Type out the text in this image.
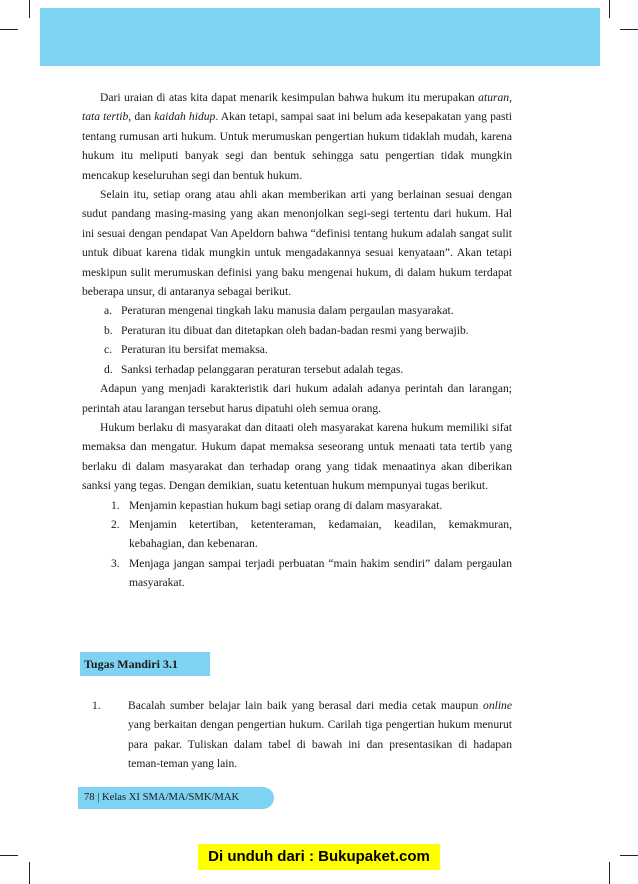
Dari uraian di atas kita dapat menarik kesimpulan bahwa hukum itu merupakan aturan, tata tertib, dan kaidah hidup. Akan tetapi, sampai saat ini belum ada kesepakatan yang pasti tentang rumusan arti hukum. Untuk merumuskan pengertian hukum tidaklah mudah, karena hukum itu meliputi banyak segi dan bentuk sehingga satu pengertian tidak mungkin mencakup keseluruhan segi dan bentuk hukum.

Selain itu, setiap orang atau ahli akan memberikan arti yang berlainan sesuai dengan sudut pandang masing-masing yang akan menonjolkan segi-segi tertentu dari hukum. Hal ini sesuai dengan pendapat Van Apeldorn bahwa “definisi tentang hukum adalah sangat sulit untuk dibuat karena tidak mungkin untuk mengadakannya sesuai kenyataan”. Akan tetapi meskipun sulit merumuskan definisi yang baku mengenai hukum, di dalam hukum terdapat beberapa unsur, di antaranya sebagai berikut.

a. Peraturan mengenai tingkah laku manusia dalam pergaulan masyarakat.
b. Peraturan itu dibuat dan ditetapkan oleh badan-badan resmi yang berwajib.
c. Peraturan itu bersifat memaksa.
d. Sanksi terhadap pelanggaran peraturan tersebut adalah tegas.

Adapun yang menjadi karakteristik dari hukum adalah adanya perintah dan larangan; perintah atau larangan tersebut harus dipatuhi oleh semua orang.

Hukum berlaku di masyarakat dan ditaati oleh masyarakat karena hukum memiliki sifat memaksa dan mengatur. Hukum dapat memaksa seseorang untuk menaati tata tertib yang berlaku di dalam masyarakat dan terhadap orang yang tidak menaatinya akan diberikan sanksi yang tegas. Dengan demikian, suatu ketentuan hukum mempunyai tugas berikut.

1. Menjamin kepastian hukum bagi setiap orang di dalam masyarakat.
2. Menjamin ketertiban, ketenteraman, kedamaian, keadilan, kemakmuran, kebahagian, dan kebenaran.
3. Menjaga jangan sampai terjadi perbuatan “main hakim sendiri” dalam pergaulan masyarakat.
Tugas Mandiri 3.1
1. Bacalah sumber belajar lain baik yang berasal dari media cetak maupun online yang berkaitan dengan pengertian hukum. Carilah tiga pengertian hukum menurut para pakar. Tuliskan dalam tabel di bawah ini dan presentasikan di hadapan teman-teman yang lain.
78 | Kelas XI SMA/MA/SMK/MAK
Di unduh dari : Bukupaket.com
